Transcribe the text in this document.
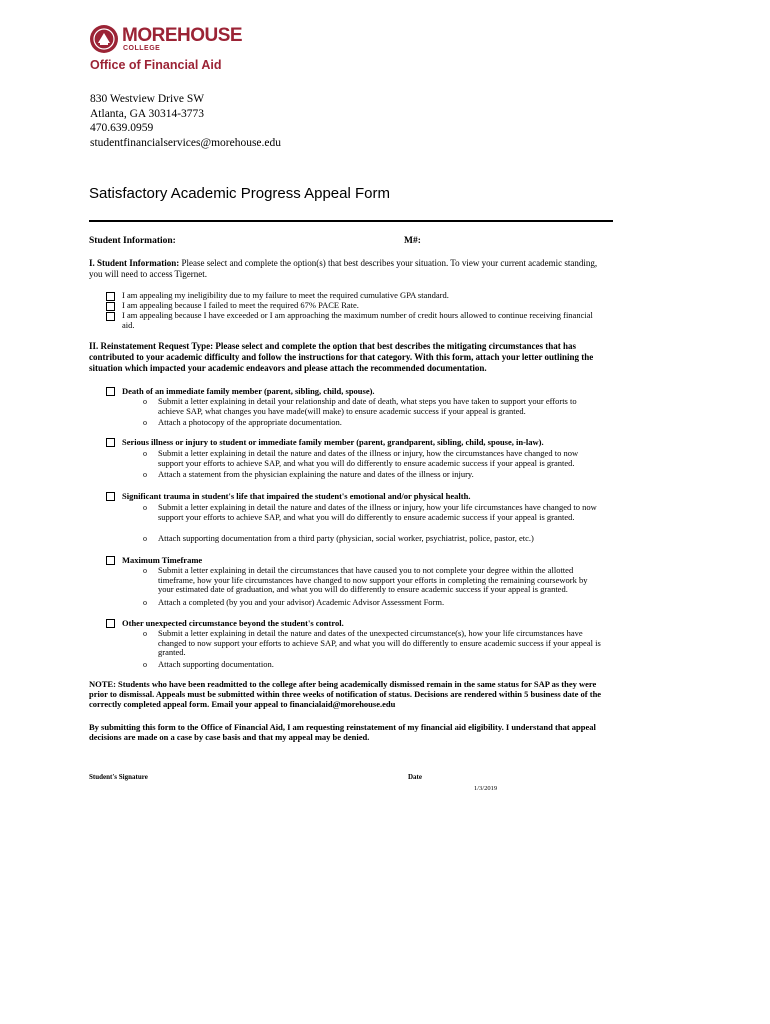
MOREHOUSE
COLLEGE
Office of Financial Aid
830 Westview Drive SW
Atlanta, GA 30314-3773
470.639.0959
studentfinancialservices@morehouse.edu
Satisfactory Academic Progress Appeal Form
Student Information:	M#:
I. Student Information: Please select and complete the option(s) that best describes your situation. To view your current academic standing, you will need to access Tigernet.
I am appealing my ineligibility due to my failure to meet the required cumulative GPA standard.
I am appealing because I failed to meet the required 67% PACE Rate.
I am appealing because I have exceeded or I am approaching the maximum number of credit hours allowed to continue receiving financial aid.
II. Reinstatement Request Type: Please select and complete the option that best describes the mitigating circumstances that has contributed to your academic difficulty and follow the instructions for that category. With this form, attach your letter outlining the situation which impacted your academic endeavors and please attach the recommended documentation.
Death of an immediate family member (parent, sibling, child, spouse).
o Submit a letter explaining in detail your relationship and date of death, what steps you have taken to support your efforts to achieve SAP, what changes you have made(will make) to ensure academic success if your appeal is granted.
o Attach a photocopy of the appropriate documentation.
Serious illness or injury to student or immediate family member (parent, grandparent, sibling, child, spouse, in-law).
o Submit a letter explaining in detail the nature and dates of the illness or injury, how the circumstances have changed to now support your efforts to achieve SAP, and what you will do differently to ensure academic success if your appeal is granted.
o Attach a statement from the physician explaining the nature and dates of the illness or injury.
Significant trauma in student's life that impaired the student's emotional and/or physical health.
o Submit a letter explaining in detail the nature and dates of the illness or injury, how your life circumstances have changed to now support your efforts to achieve SAP, and what you will do differently to ensure academic success if your appeal is granted.
o Attach supporting documentation from a third party (physician, social worker, psychiatrist, police, pastor, etc.)
Maximum Timeframe
o Submit a letter explaining in detail the circumstances that have caused you to not complete your degree within the allotted timeframe, how your life circumstances have changed to now support your efforts in completing the remaining coursework by your estimated date of graduation, and what you will do differently to ensure academic success if your appeal is granted.
o Attach a completed (by you and your advisor) Academic Advisor Assessment Form.
Other unexpected circumstance beyond the student's control.
o Submit a letter explaining in detail the nature and dates of the unexpected circumstance(s), how your life circumstances have changed to now support your efforts to achieve SAP, and what you will do differently to ensure academic success if your appeal is granted.
o Attach supporting documentation.
NOTE: Students who have been readmitted to the college after being academically dismissed remain in the same status for SAP as they were prior to dismissal. Appeals must be submitted within three weeks of notification of status. Decisions are rendered within 5 business date of the correctly completed appeal form. Email your appeal to financialaid@morehouse.edu
By submitting this form to the Office of Financial Aid, I am requesting reinstatement of my financial aid eligibility. I understand that appeal decisions are made on a case by case basis and that my appeal may be denied.
Student's Signature	Date
1/3/2019
